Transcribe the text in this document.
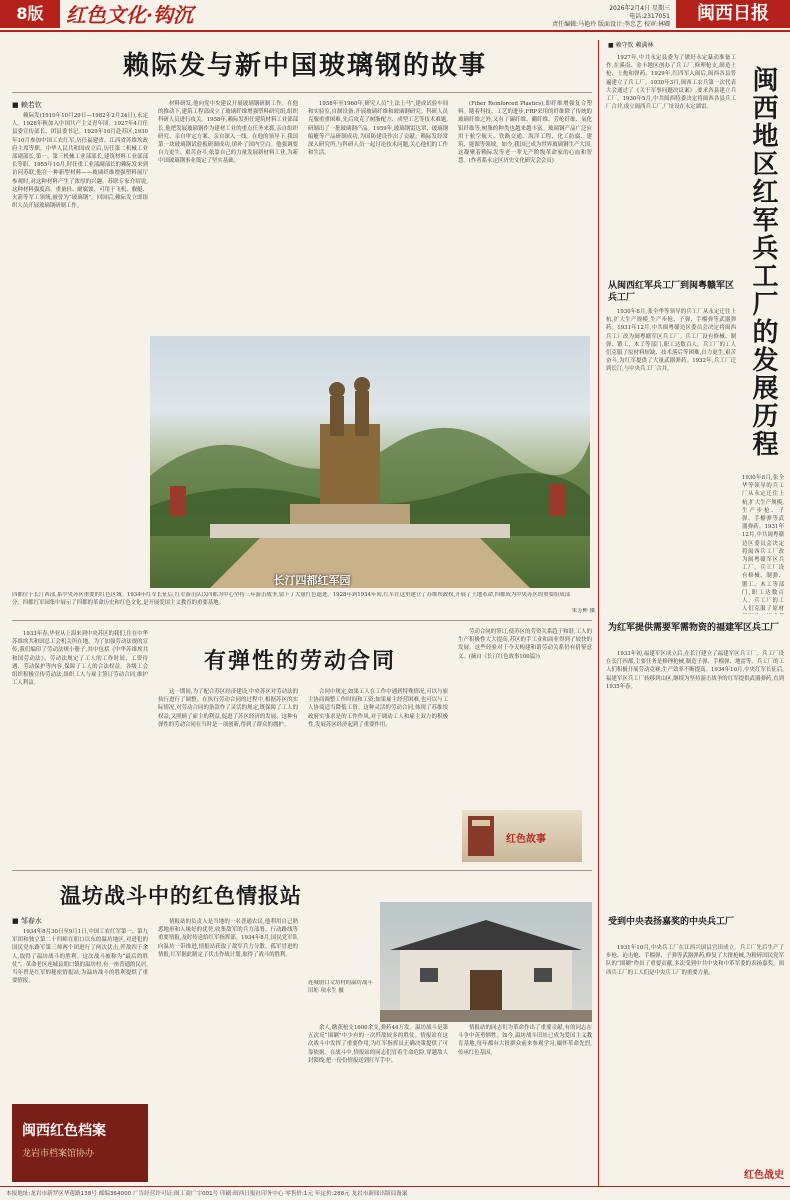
8版	红色文化·钩沉	2026年2月4日 星期三
电话:2317051
责任编辑:马艳玲 版面设计:李忠艺 校审:林卿
闽西日报
赖际发与新中国玻璃钢的故事
■ 赖若钦
赖际发(1910年10月29日—1982年2月24日),永定人。1928年秋加入中国共产主义青年团。1927年4月任县委宣传部长、团县委书记。1929年10月赴苏区,1930年10月参加中国工农红军,历任福建省、江西省苏维埃政府主席等职。中华人民共和国成立后,历任第二机械工业部副部长,第一、第三机械工业部部长,建筑材料工业部部长等职。1955年10月,时任重工业部副部长的赖际发来到访问苏联,他在一种新型材料——玻璃纤维增强塑料展厅参观时,对这种材料产生了浓厚的兴趣。苏联专家介绍说,这种材料强度高、重量轻、耐腐蚀、可用于飞机、舰艇、火箭等军工领域,被誉为“玻璃钢”。回国后,赖际发立即组织人员开展玻璃钢研制工作。
材料研发,他向党中央建议开展玻璃钢研制工作。在他的推动下,建筑工程部成立了玻璃纤维增强塑料研究组,组织科研人员进行攻关。1958年,赖际发担任建筑材料工业部部长,他把发展玻璃钢作为建材工业的重点任务来抓,亲自组织研究、亲自审定方案、亲自深入一线。在他的领导下,我国第一块玻璃钢试验板研制成功,填补了国内空白。他强调要自力更生、艰苦奋斗,依靠自己的力量发展新材料工业,为新中国玻璃钢事业奠定了坚实基础。
1958年至1960年,研究人员“土法上马”,建成试验车间和实验室,自制设备,开展玻璃纤维和玻璃钢研究。科研人员克服重重困难,先后攻克了树脂配方、成型工艺等技术难题,研制出了一批玻璃钢产品。1959年,玻璃钢雷达罩、玻璃钢船艇等产品研制成功,为国防建设作出了贡献。赖际发经常深入研究所,与科研人员一起讨论技术问题,关心他们的工作和生活。
(Fiber Reinforced Plastics),即纤维增强复合塑料。随着科技、工艺的进步,FRP采用的纤维除了传统的玻璃纤维之外,又有了碳纤维、硼纤维、芳纶纤维、氧化铝纤维等,树脂的种类也越来越丰富。玻璃钢产品广泛应用于航空航天、铁路交通、海洋工程、化工防腐、建筑、能源等领域。如今,我国已成为世界玻璃钢生产大国,这凝聚着赖际发等老一辈无产阶级革命家的心血和智慧。(作者系永定区历史文化研究会会员)
长汀四都红军园
四都位于长汀西部,系中央苏区重要的红色区域。1934年红军长征后,红军游击队以四都为中心坚持三年游击战争,留下了大量红色遗迹。1928年到1934年间,红军在这里建立了苏维埃政权,开展了土地革命,四都成为中央苏区的重要组成部分。四都红军园集中展示了四都的革命历史和红色文化,是开展爱国主义教育的重要基地。
朱芳彬 摄
有弹性的劳动合同
1933年春,毕业从上海来到中央苏区的我们,住在中华苏维埃共和国总工会机关所在地。为了加强劳动法规的宣传,我们编印了劳动法规小册子,其中包括《中华苏维埃共和国劳动法》。劳动法规定了工人的工作时间、工资待遇、劳动保护等内容,保障了工人的合法权益。各级工会组织积极宣传劳动法,组织工人与雇主签订劳动合同,维护工人利益。
这一期间,为了配合苏区经济建设,中央苏区对劳动法的执行进行了调整。在执行劳动合同的过程中,根据苏区的实际情况,对劳动合同的条款作了灵活的规定,既保障了工人的权益,又照顾了雇主的利益,促进了苏区经济的发展。这种有弹性的劳动合同在当时是一项创新,得到了群众的拥护。
合同中规定,如果工人在工作中遇到特殊情况,可以与雇主协商调整工作时间和工资;如果雇主经营困难,也可以与工人协商适当降低工资。这种灵活的劳动合同,体现了苏维埃政府实事求是的工作作风,对于调动工人和雇主双方的积极性,发展苏区经济起到了重要作用。
劳动合同的签订,使苏区的劳资关系趋于和谐,工人的生产积极性大大提高,苏区的手工业和商业得到了较快的发展。这些经验对于今天构建和谐劳动关系仍有借鉴意义。(摘自《长汀红色故事100篇》)
红色故事
温坊战斗中的红色情报站
■ 邹春水
1934年8月30日至9月1日,中国工农红军第一、第九军团和独立第二十四师在朋口以东的温坊地区,对进犯的国民党东路军第三师两个团进行了两次伏击,歼敌四千余人,取得了温坊战斗的胜利。这次战斗被称为“最后的胜仗”。革命老区连城县朋口镇的温坊村,有一座普通的民居,当年曾是红军的秘密情报站,为温坊战斗的胜利提供了重要情报。
情报站的负责人是当地的一名普通农民,他利用自己熟悉地形和人缘好的优势,收集敌军的兵力部署、行动路线等重要情报,及时传送给红军指挥部。1934年8月,国民党军队向温坊一带推进,情报站获取了敌军兵力分散、孤军冒进的情报,红军据此制定了伏击作战计划,取得了战斗的胜利。
连城朋口文坊村的温坊战斗旧址 项永生 摄
余人,缴获枪支1600余支,弹药44万发。温坊战斗是第五次反“围剿”中少有的一次歼敌较多的胜仗。情报站在这次战斗中发挥了重要作用,为红军指挥员正确决策提供了可靠依据。在战斗中,情报站的同志们冒着生命危险,穿越敌人封锁线,把一份份情报送到红军手中。
情报站的同志们为革命作出了重要贡献,有的同志在斗争中英勇牺牲。如今,温坊战斗旧址已成为爱国主义教育基地,每年都有大批群众前来参观学习,缅怀革命先烈,传承红色基因。
闽西红色档案
龙岩市档案馆协办
■ 赖守钦 赖满林
闽西地区红军兵工厂的发展历程
1927年,中共永定县委为了做好永定暴动准备工作,在溪南、金丰地区创办了兵工厂,修理枪支,制造土枪、土炮和弹药。1929年,红四军入闽后,闽西各县普遍建立了兵工厂。1930年3月,闽西工农兵第一次代表大会通过了《关于军事问题决议案》,要求各县建立兵工厂。1930年5月,中共闽西特委决定将闽西各县兵工厂合并,成立闽西兵工厂,厂址设在永定湖雷。
从闽西红军兵工厂到闽粤赣军区兵工厂
1930年8月,张全华等领导的兵工厂从永定迁往上杭,扩大生产规模,生产步枪、子弹、手榴弹等武器弹药。1931年12月,中共闽粤赣边区委员会决定将闽西兵工厂改为闽粤赣军区兵工厂。兵工厂设有修械、制弹、锻工、木工等部门,职工达数百人。兵工厂的工人们克服了原材料短缺、技术落后等困难,自力更生,艰苦奋斗,为红军提供了大量武器弹药。1932年,兵工厂迁到长汀,与中央兵工厂合并。
1930年8月,张全华等领导的兵工厂从永定迁往上杭,扩大生产规模,生产步枪、子弹、手榴弹等武器弹药。1931年12月,中共闽粤赣边区委员会决定将闽西兵工厂改为闽粤赣军区兵工厂。兵工厂设有修械、制弹、锻工、木工等部门,职工达数百人。兵工厂的工人们克服了原材
为红军提供需要军需物资的福建军区兵工厂
1933年初,福建军区成立后,在长汀建立了福建军区兵工厂。兵工厂设在长汀四都,主要任务是修理枪械,制造子弹、手榴弹、地雷等。兵工厂的工人们积极开展劳动竞赛,生产效率不断提高。1934年10月,中央红军长征后,福建军区兵工厂转移到山区,继续为坚持游击战争的红军提供武器弹药,直到1935年春。
受到中央表扬嘉奖的中央兵工厂
1931年10月,中央兵工厂在江西兴国县官田成立。兵工厂先后生产了步枪、迫击炮、手榴弹、子弹等武器弹药,修复了大批枪械,为粉碎国民党军队的“围剿”作出了重要贡献,多次受到中共中央和中革军委的表扬嘉奖。闽西兵工厂的工人们是中央兵工厂的重要力量。
红色战史
本报地址:龙岩市新罗区华莲路138号 邮编364000 广告经营许可证:闽工商广字001号 印刷:闽西日报社印务中心 零售价:1元 年定价:288元 龙岩市新闻出版局备案
